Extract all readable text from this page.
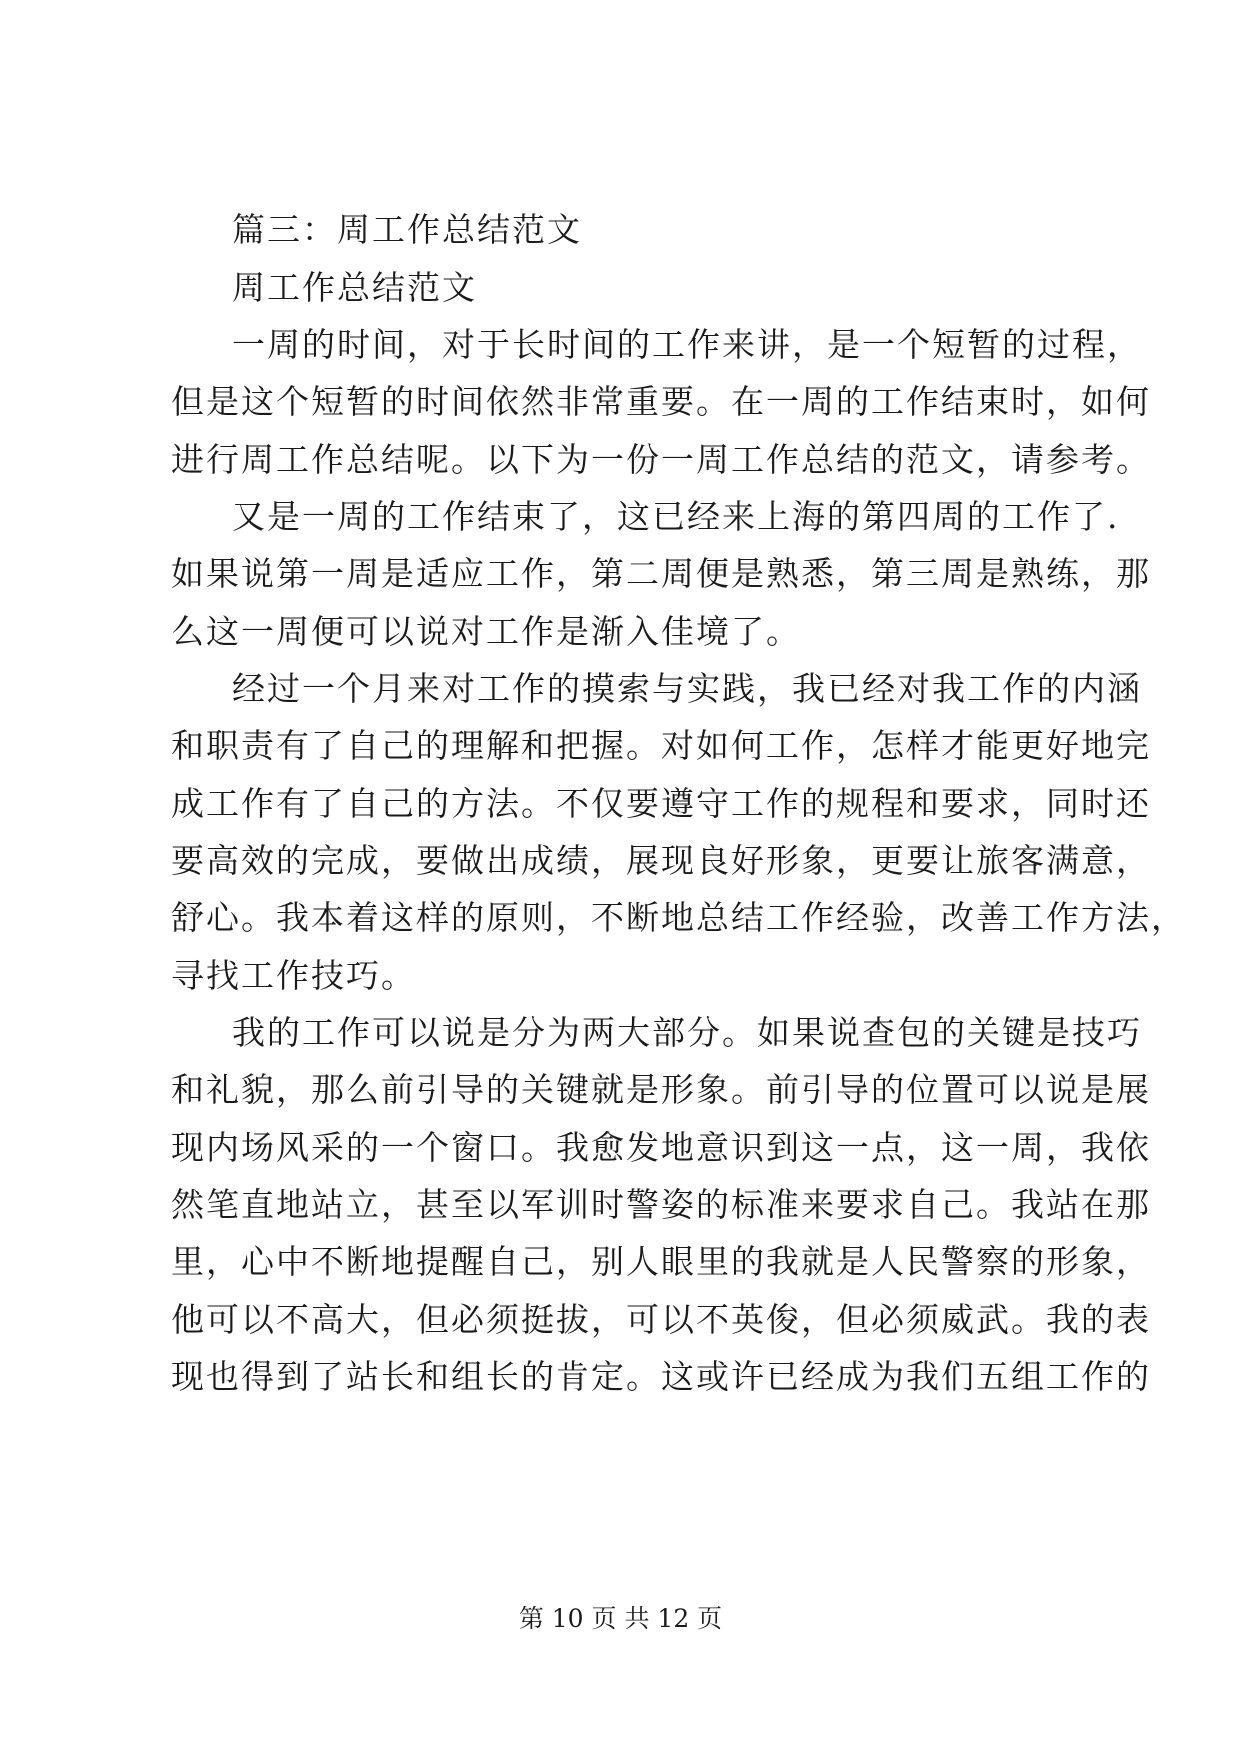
篇三：周工作总结范文
周工作总结范文
一周的时间，对于长时间的工作来讲，是一个短暂的过程，
但是这个短暂的时间依然非常重要。在一周的工作结束时，如何
进行周工作总结呢。以下为一份一周工作总结的范文，请参考。
又是一周的工作结束了，这已经来上海的第四周的工作了.
如果说第一周是适应工作，第二周便是熟悉，第三周是熟练，那
么这一周便可以说对工作是渐入佳境了。
经过一个月来对工作的摸索与实践，我已经对我工作的内涵
和职责有了自己的理解和把握。对如何工作，怎样才能更好地完
成工作有了自己的方法。不仅要遵守工作的规程和要求，同时还
要高效的完成，要做出成绩，展现良好形象，更要让旅客满意，
舒心。我本着这样的原则，不断地总结工作经验，改善工作方法，
寻找工作技巧。
我的工作可以说是分为两大部分。如果说查包的关键是技巧
和礼貌，那么前引导的关键就是形象。前引导的位置可以说是展
现内场风采的一个窗口。我愈发地意识到这一点，这一周，我依
然笔直地站立，甚至以军训时警姿的标准来要求自己。我站在那
里，心中不断地提醒自己，别人眼里的我就是人民警察的形象，
他可以不高大，但必须挺拔，可以不英俊，但必须威武。我的表
现也得到了站长和组长的肯定。这或许已经成为我们五组工作的
第 10 页 共 12 页
